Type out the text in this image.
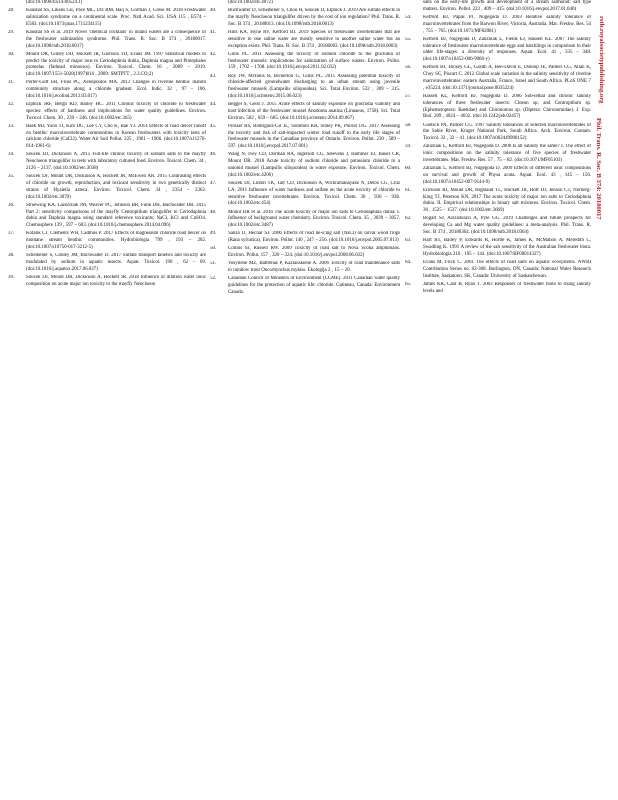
(doi:10.1890/ES14-00524.1)
28.	Kaushal SS, Likens GE, Pace ML, Utz RM, Haq S, Gorman J, Grese M. 2018 Freshwater salinization syndrome on a continental scale. Proc. Natl Acad. Sci. USA 115 , E574 – E583. (doi:10.1073/pnas.1711234115)
29.	Kaushal SS et al. 2019 Novel 'chemical cocktails' in inland waters are a consequence of the freshwater salinization syndrome. Phil. Trans. R. Soc. B 374 , 20180017. (doi:10.1098/rstb.2018.0017)
30.	Mount DR, Gulley DD, Hockett JR, Garrison TD, Evans JM. 1997 Statistical models to predict the toxicity of major ions to Ceriodaphnia dubia, Daphnia magna and Pimephales promelas (fathead minnows). Environ. Toxicol. Chem. 16 , 2009 – 2019. (doi:10.1897/1551-5028(1997)016 , 2009: SMTPTT , 2.3.CO;2)
31.	Porter-Goff ER, Frost PC, Xenopoulos MA. 2013 Changes in riverine benthic diatom community structure along a chloride gradient. Ecol. Indic. 32 , 97 – 106. (doi:10.1016/j.ecolind.2013.03.017)
32.	Elphick JRF, Bergh KD, Bailey HC. 2011 Chronic toxicity of chloride to freshwater species: effects of hardness and implications for water quality guidelines. Environ. Toxicol. Chem. 30 , 239 – 246. (doi:10.1002/etc.365)
33.	Baek MJ, Yoon TJ, Kim DG, Lee CY, Cho K, Bae YJ. 2014 Effects of road deicer runoff on benthic macroinvertebrate communities in Korean freshwaters with toxicity tests of calcium chloride (CaCl2). Water Air Soil Pollut. 225 , 1961 – 1966. (doi:10.1007/s11270-014-1961-6)
34.	Soucek DJ, Dickinson A. 2015 Full-life chronic toxicity of sodium salts to the mayfly Neocloeon triangulifer in tests with laboratory cultured food. Environ. Toxicol. Chem. 34 , 2126 – 2137. (doi:10.1002/etc.3038)
35.	Soucek DJ, Mount DR, Dickinson A, Hockett JR, McEwen AR. 2015 Contrasting effects of chloride on growth, reproduction, and toxicant sensitivity in two genetically distinct strains of Hyalella azteca. Environ. Toxicol. Chem. 34 , 2354 – 2362. (doi:10.1002/etc.3070)
36.	Struewing KA, Lazorchak JM, Weaver PC, Johnson BR, Funk DH, Buchwalter DB. 2015 Part 2: sensitivity comparisons of the mayfly Centroptilum triangulifer to Ceriodaphnia dubia and Daphnia magna using standard reference toxicants; NaCl, KCl and CuSO4. Chemosphere 139 , 597 – 603. (doi:10.1016/j.chemosphere.2014.04.096)
37.	Kotalik CJ, Clements WH, Cadmus P. 2017 Effects of magnesium chloride road deicer on montane stream benthic communities. Hydrobiologia 799 , 193 – 202. (doi:10.1007/s10750-017-3212-5)
38.	Scheibener S, Conley JM, Buchwalter D. 2017 Sulfate transport kinetics and toxicity are modulated by sodium in aquatic insects. Aquat. Toxicol. 190 , 62 – 69. (doi:10.1016/j.aquatox.2017.06.027)
39.	Soucek DJ, Mount DR, Dickinson A, Hockett JR. 2018 Influence of dilution water ionic composition on acute major ion toxicity to the mayfly Neocloeon
(doi:10.1002/etc.4072)
40.	Buchwalter D, Scheibener S, Chou H, Soucek D, Elphick J. 2019 Are sulfate effects in the mayfly Neocloeon triangulifer driven by the cost of ion regulation? Phil. Trans. R. Soc. B 374 , 20180013. (doi:10.1098/rstb.2018.0013)
41.	Hills KA, Hyne RV, Kefford BJ. 2019 Species of freshwater invertebrates that are sensitive to one saline water are mostly sensitive to another saline water but an exception exists. Phil. Trans. R. Soc. B 374 , 20180003. (doi:10.1098/rstb.2018.0003)
42.	Gillis PL. 2011 Assessing the toxicity of sodium chloride to the glochidia of freshwater mussels: implications for salinization of surface waters. Environ. Pollut. 159 , 1702 – 1708. (doi:10.1016/j.envpol.2011.02.032)
43.	Roy JW, McInnis R, Bickerton G, Gillis PL. 2015 Assessing potential toxicity of chloride-affected groundwater discharging to an urban stream using juvenile freshwater mussels (Lampsilis siliquoidea). Sci. Total Environ. 532 , 309 – 315. (doi:10.1016/j.scitotenv.2015.06.023)
44.	Beggel S, Geist J. 2015 Acute effects of salinity exposure on glochidia viability and host infection of the freshwater mussel Anodonta anatina (Linnaeus, 1758). Sci. Total Environ. 502 , 659 – 665. (doi:10.1016/j.scitotenv.2014.09.067)
45.	Prosser RS, Rodriguez-Gil JL, Solomon KR, Sibley PK, Poirier DG. 2017 Assessing the toxicity and risk of salt-impacted winter road runoff to the early life stages of freshwater mussels in the Canadian province of Ontario. Environ. Pollut. 230 , 589 – 597. (doi:10.1016/j.envpol.2017.07.001)
46.	Wang N, Ivey CD, Dorman RA, Ingersoll CG, Steevens J, Hammer EJ, Bauer CR, Mount DR. 2018 Acute toxicity of sodium chloride and potassium chloride to a unionid mussel (Lampsilis siliquoidea) in water exposure. Environ. Toxicol. Chem. (doi:10.1002/etc.4206)
47.	Soucek DJ, Linton TK, Tarr CD, Dickinson A, Wickramanayake N, Delos CG, Cruz LA. 2011 Influence of water hardness and sulfate on the acute toxicity of chloride to sensitive freshwater invertebrates. Environ. Toxicol. Chem. 30 , 930 – 938. (doi:10.1002/etc.454)
48.	Mount DR et al. 2016 The acute toxicity of major ion salts to Ceriodaphnia dubia: I. Influence of background water chemistry. Environ. Toxicol. Chem. 35 , 3039 – 3057. (doi:10.1002/etc.3487)
49.	Sanzo D, Hecnar SJ. 2006 Effects of road de-icing salt (NaCl) on larval wood frogs (Rana sylvatica). Environ. Pollut. 140 , 247 – 256. (doi:10.1016/j.envpol.2005.07.013)
50.	Collins SJ, Russell RW. 2009 Toxicity of road salt to Nova Scotia amphibians. Environ. Pollut. 157 , 320 – 324. (doi:10.1016/j.envpol.2008.06.032)
51.	Vosylienė MZ, Baltrėnas P, Kazlauskienė A. 2006 Toxicity of road maintenance salts to rainbow trout Oncorhynchus mykiss. Ekologija 2 , 15 – 20.
52.	Canadian Council of Ministers of Environment (CCME). 2011 Canadian water quality guidelines for the protection of aquatic life: chloride. Gatineau, Canada: Environment Canada.
salts on the early-life growth and development of a stream salmonid: salt type matters. Environ. Pollut. 223 , 409 – 415. (doi:10.1016/j.envpol.2017.01.040)
54.	Kefford BJ, Papas PJ, Nugegoda D. 2003 Relative salinity tolerance of macroinvertebrates from the Barwon River, Victoria, Australia. Mar. Freshw. Res. 54 , 755 – 765. (doi:10.1071/MF02081)
55.	Kefford BJ, Nugegoda D, Zalizniak L, Fields EJ, Hassell KL. 2007 The salinity tolerance of freshwater macroinvertebrate eggs and hatchlings in comparison to their older life-stages: a diversity of responses. Aquat. Ecol. 41 , 335 – 348. (doi:10.1007/s10452-006-9066-y)
56.	Kefford BJ, Hickey GL, Gasith A, Ben-David E, Dunlop JE, Palmer CG, Allan K, Choy SC, Piscart C. 2012 Global scale variation in the salinity sensitivity of riverine macroinvertebrates: eastern Australia, France, Israel and South Africa. PLoS ONE 7 , e35224. (doi:10.1371/journal.pone.0035224)
57.	Hassell KL, Kefford BJ, Nugegoda D. 2006 Sub-lethal and chronic salinity tolerances of three freshwater insects: Cloeon sp. and Centroptilum sp. (Ephemeroptera: Baetidae) and Chironomus sp. (Diptera: Chironomidae). J. Exp. Biol. 209 , 4024 – 4032. (doi:10.1242/jeb.02457)
58.	Goetsch PA, Palmer CG. 1997 Salinity tolerances of selected macroinvertebrates of the Sabie River, Kruger National Park, South Africa. Arch. Environ. Contam. Toxicol. 32 , 32 – 41. (doi:10.1007/s002449900152)
59.	Zalizniak L, Kefford BJ, Nugegoda D. 2006 Is all salinity the same? I. The effect of ionic compositions on the salinity tolerance of five species of freshwater invertebrates. Mar. Freshw. Res. 57 , 75 – 82. (doi:10.1071/MF05103)
60.	Zalizniak L, Kefford BJ, Nugegoda D. 2009 Effects of different ionic compositions on survival and growth of Physa acuta. Aquat. Ecol. 43 , 145 – 156. (doi:10.1007/s10452-007-9144-9)
61.	Erickson RJ, Mount DR, Highland TL, Hockett JR, Hoff DJ, Jenson CT, Norberg-King TJ, Peterson KN. 2017 The acute toxicity of major ion salts to Ceriodaphnia dubia. II. Empirical relationships in binary salt mixtures. Environ. Toxicol. Chem. 36 , 1525 – 1537. (doi:10.1002/etc.3669)
62.	Bogart SJ, Azizishirazi A, Pyle GG. 2019 Challenges and future prospects for developing Ca and Mg water quality guidelines: a meta-analysis. Phil. Trans. R. Soc. B 374 , 20180364. (doi:10.1098/rstb.2018.0364)
63.	Hart BT, Bailey P, Edwards R, Hortle K, James K, McMahon A, Meredith C, Swadling K. 1991 A review of the salt sensitivity of the Australian freshwater biota. Hydrobiologia 210 , 105 – 144. (doi:10.1007/BF00014327)
64.	Evans M, Frick C. 2001 The effects of road salts on aquatic ecosystems. NWRI Contribution Series no. 02-308. Burlington, ON, Canada: National Water Research Institute, Saskatoon, SK, Canada: University of Saskatchewan.
65.	James KR, Cant B, Ryan T. 2003 Responses of freshwater biota to rising salinity levels and
rstb.royalsocietypublishing.org
Phil. Trans. R. Soc. B 374: 20180017
